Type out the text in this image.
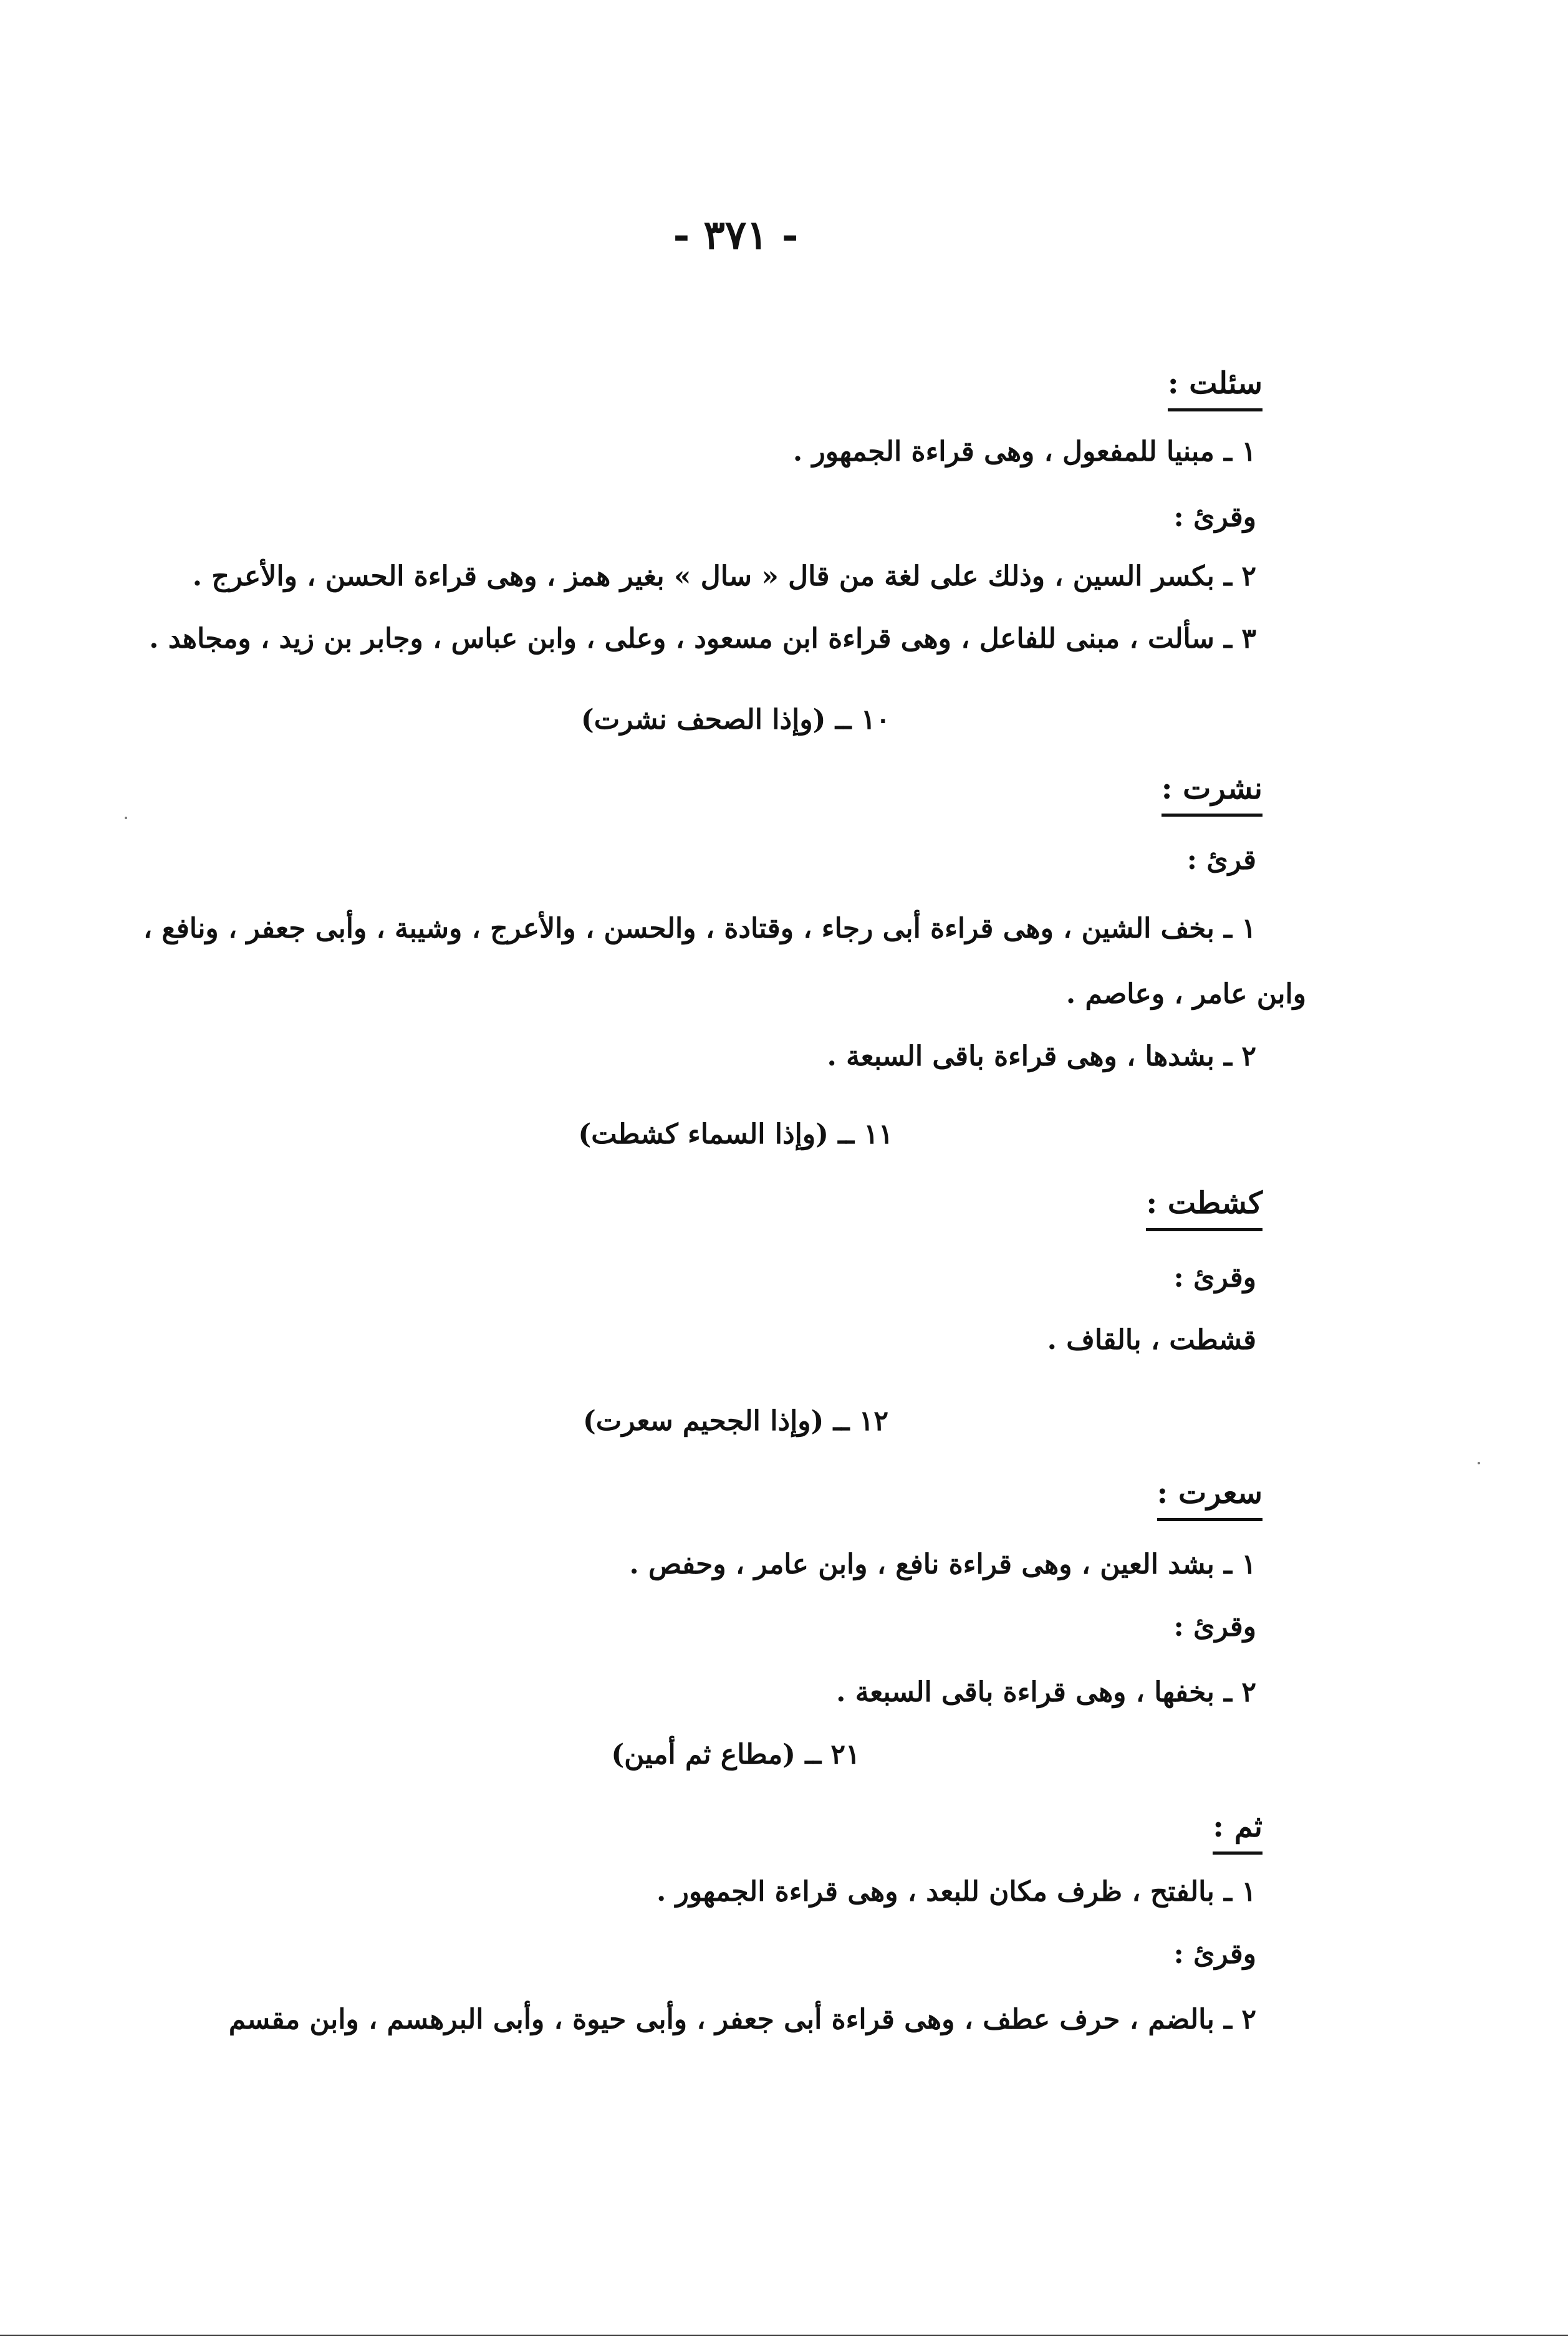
- ٣٧١ -
سئلت :
١ ـ مبنيا للمفعول ، وهى قراءة الجمهور .
وقرئ :
٢ ـ بكسر السين ، وذلك على لغة من قال « سال » بغير همز ، وهى قراءة الحسن ، والأعرج .
٣ ـ سألت ، مبنى للفاعل ، وهى قراءة ابن مسعود ، وعلى ، وابن عباس ، وجابر بن زيد ، ومجاهد .
١٠ ــ (وإذا الصحف نشرت)
نشرت :
قرئ :
١ ـ بخف الشين ، وهى قراءة أبى رجاء ، وقتادة ، والحسن ، والأعرج ، وشيبة ، وأبى جعفر ، ونافع ،
وابن عامر ، وعاصم .
٢ ـ بشدها ، وهى قراءة باقى السبعة .
١١ ــ (وإذا السماء كشطت)
كشطت :
وقرئ :
قشطت ، بالقاف .
١٢ ــ (وإذا الجحيم سعرت)
سعرت :
١ ـ بشد العين ، وهى قراءة نافع ، وابن عامر ، وحفص .
وقرئ :
٢ ـ بخفها ، وهى قراءة باقى السبعة .
٢١ ــ (مطاع ثم أمين)
ثم :
١ ـ بالفتح ، ظرف مكان للبعد ، وهى قراءة الجمهور .
وقرئ :
٢ ـ بالضم ، حرف عطف ، وهى قراءة أبى جعفر ، وأبى حيوة ، وأبى البرهسم ، وابن مقسم
